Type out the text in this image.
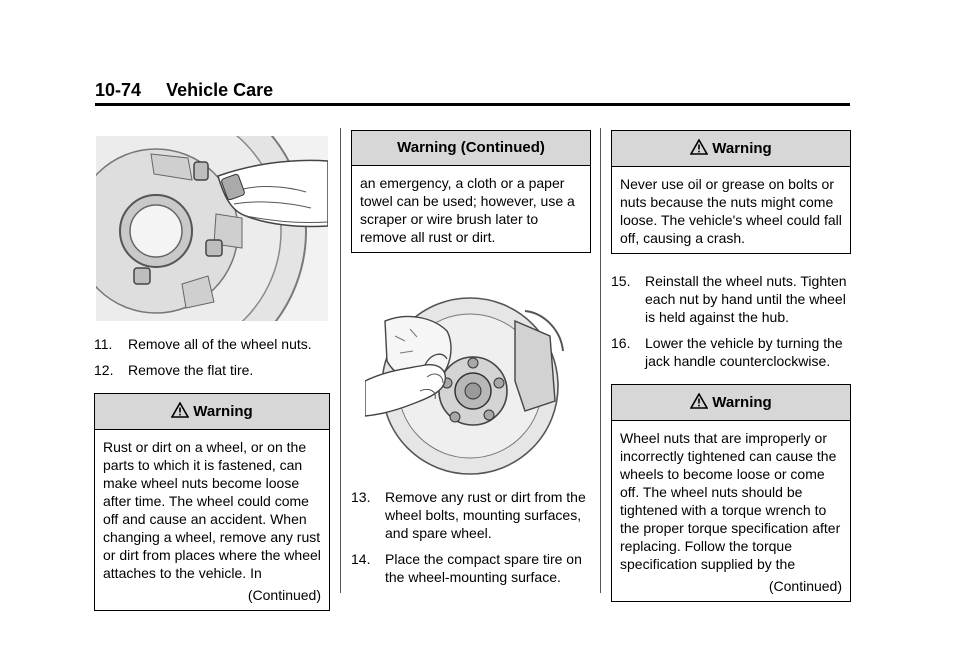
10-74 Vehicle Care
11.	Remove all of the wheel nuts.
12.	Remove the flat tire.
Warning
Rust or dirt on a wheel, or on the parts to which it is fastened, can make wheel nuts become loose after time. The wheel could come off and cause an accident. When changing a wheel, remove any rust or dirt from places where the wheel attaches to the vehicle. In
(Continued)
Warning (Continued)
an emergency, a cloth or a paper towel can be used; however, use a scraper or wire brush later to remove all rust or dirt.
13.	Remove any rust or dirt from the wheel bolts, mounting surfaces, and spare wheel.
14.	Place the compact spare tire on the wheel-mounting surface.
Warning
Never use oil or grease on bolts or nuts because the nuts might come loose. The vehicle's wheel could fall off, causing a crash.
15.	Reinstall the wheel nuts. Tighten each nut by hand until the wheel is held against the hub.
16.	Lower the vehicle by turning the jack handle counterclockwise.
Warning
Wheel nuts that are improperly or incorrectly tightened can cause the wheels to become loose or come off. The wheel nuts should be tightened with a torque wrench to the proper torque specification after replacing. Follow the torque specification supplied by the
(Continued)
